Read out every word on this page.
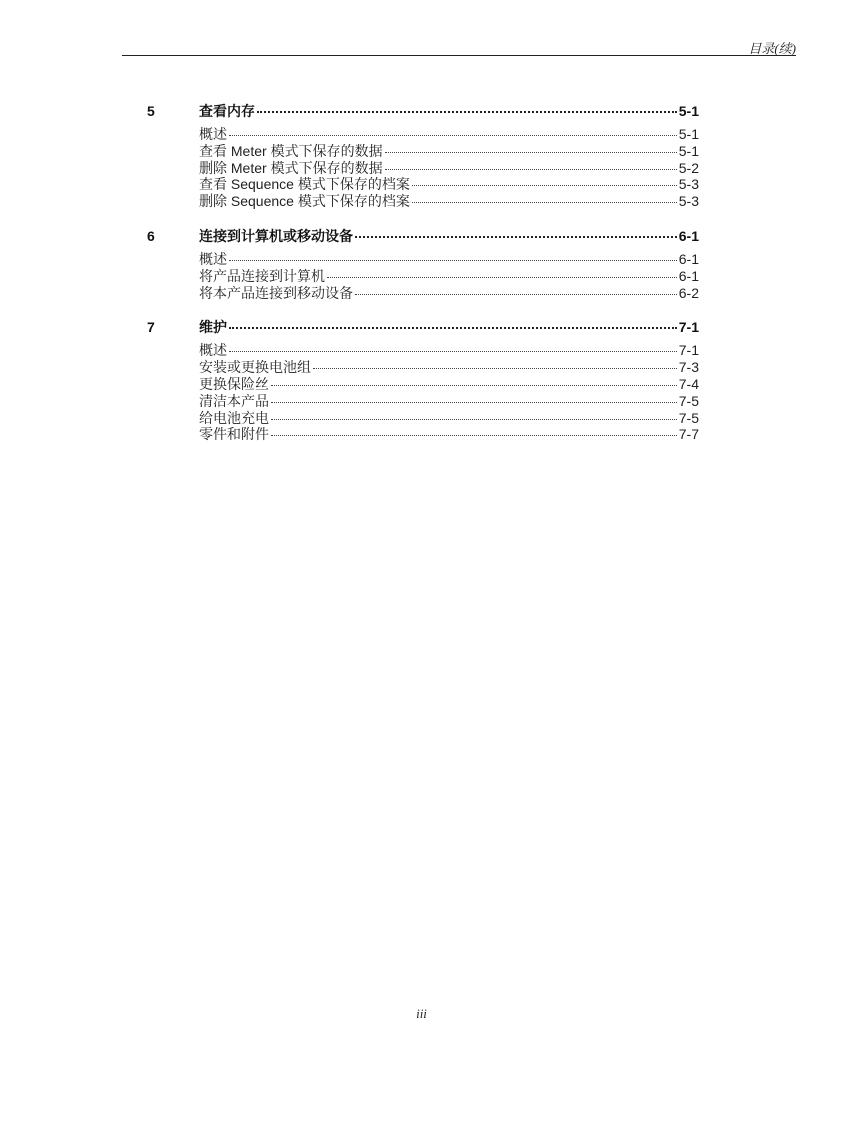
目录(续)
5	查看内存	5-1
概述	5-1
查看 Meter 模式下保存的数据	5-1
删除 Meter 模式下保存的数据	5-2
查看 Sequence 模式下保存的档案	5-3
删除 Sequence 模式下保存的档案	5-3
6	连接到计算机或移动设备	6-1
概述	6-1
将产品连接到计算机	6-1
将本产品连接到移动设备	6-2
7	维护	7-1
概述	7-1
安装或更换电池组	7-3
更换保险丝	7-4
清洁本产品	7-5
给电池充电	7-5
零件和附件	7-7
iii
